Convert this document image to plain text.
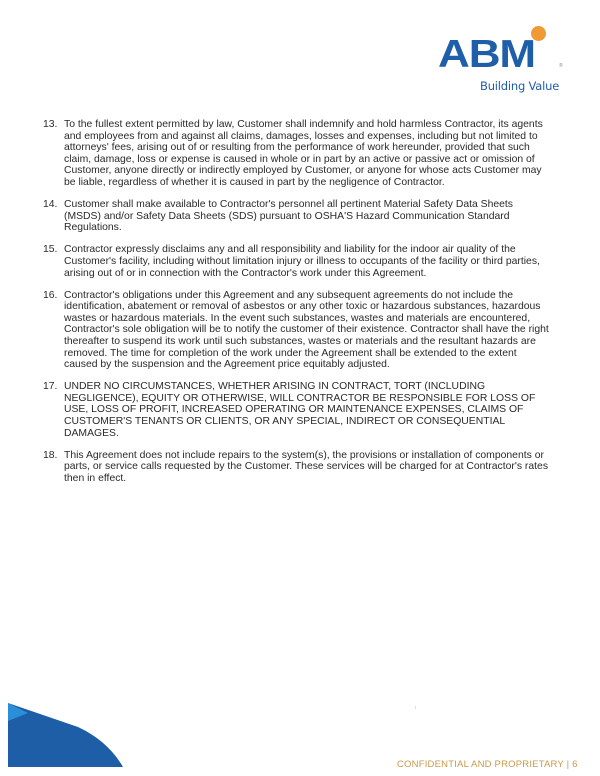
ABM	®
Building Value
13. To the fullest extent permitted by law, Customer shall indemnify and hold harmless Contractor, its agents and employees from and against all claims, damages, losses and expenses, including but not limited to attorneys' fees, arising out of or resulting from the performance of work hereunder, provided that such claim, damage, loss or expense is caused in whole or in part by an active or passive act or omission of Customer, anyone directly or indirectly employed by Customer, or anyone for whose acts Customer may be liable, regardless of whether it is caused in part by the negligence of Contractor.
14. Customer shall make available to Contractor's personnel all pertinent Material Safety Data Sheets (MSDS) and/or Safety Data Sheets (SDS) pursuant to OSHA'S Hazard Communication Standard Regulations.
15. Contractor expressly disclaims any and all responsibility and liability for the indoor air quality of the Customer's facility, including without limitation injury or illness to occupants of the facility or third parties, arising out of or in connection with the Contractor's work under this Agreement.
16. Contractor's obligations under this Agreement and any subsequent agreements do not include the identification, abatement or removal of asbestos or any other toxic or hazardous substances, hazardous wastes or hazardous materials. In the event such substances, wastes and materials are encountered, Contractor's sole obligation will be to notify the customer of their existence. Contractor shall have the right thereafter to suspend its work until such substances, wastes or materials and the resultant hazards are removed. The time for completion of the work under the Agreement shall be extended to the extent caused by the suspension and the Agreement price equitably adjusted.
17. UNDER NO CIRCUMSTANCES, WHETHER ARISING IN CONTRACT, TORT (INCLUDING NEGLIGENCE), EQUITY OR OTHERWISE, WILL CONTRACTOR BE RESPONSIBLE FOR LOSS OF USE, LOSS OF PROFIT, INCREASED OPERATING OR MAINTENANCE EXPENSES, CLAIMS OF CUSTOMER'S TENANTS OR CLIENTS, OR ANY SPECIAL, INDIRECT OR CONSEQUENTIAL DAMAGES.
18. This Agreement does not include repairs to the system(s), the provisions or installation of components or parts, or service calls requested by the Customer. These services will be charged for at Contractor's rates then in effect.
CONFIDENTIAL AND PROPRIETARY | 6
